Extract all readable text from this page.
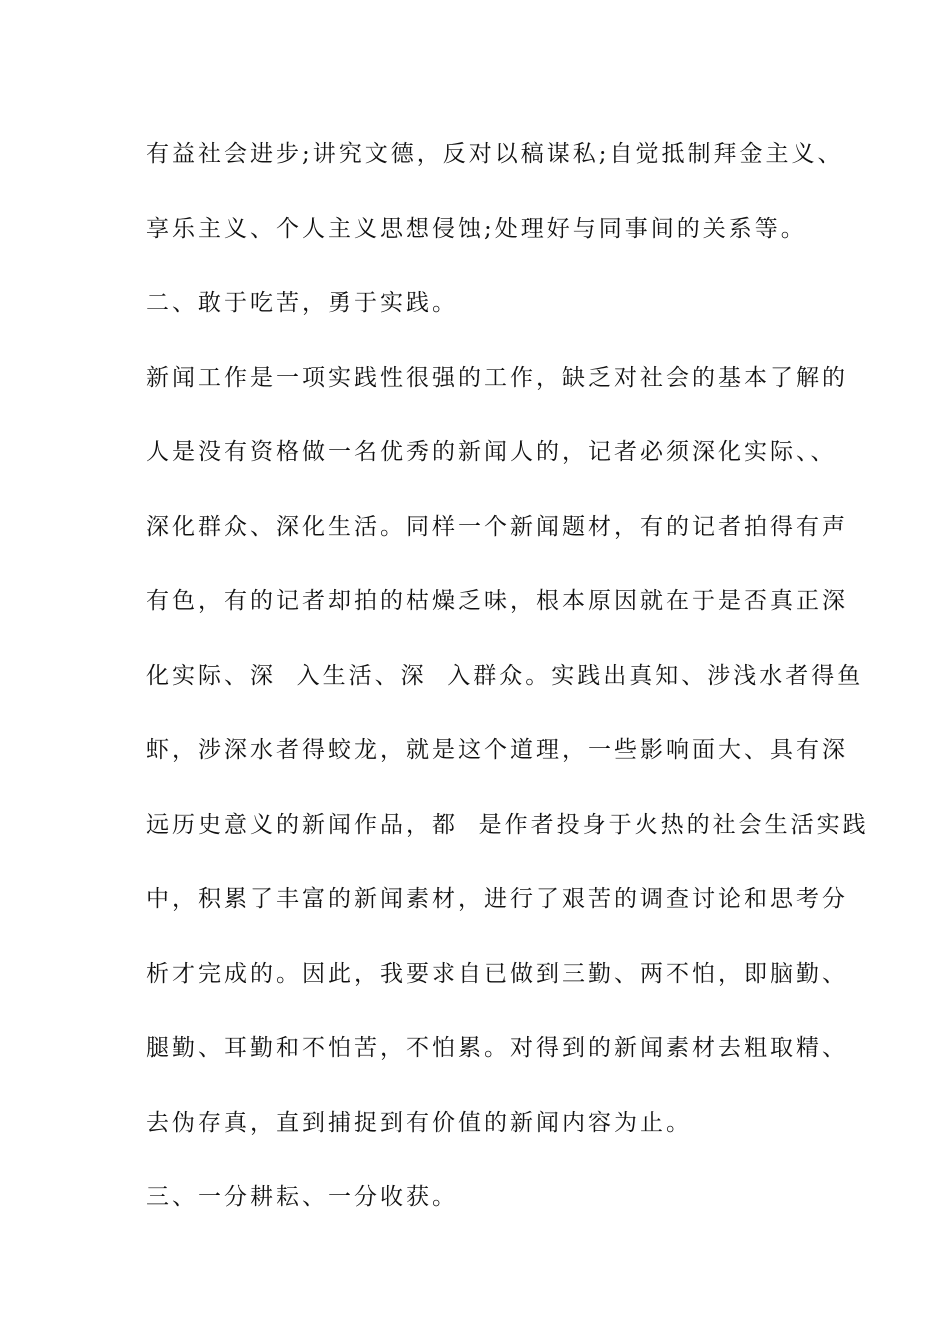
有益社会进步;讲究文德，反对以稿谋私;自觉抵制拜金主义、
享乐主义、个人主义思想侵蚀;处理好与同事间的关系等。
二、敢于吃苦，勇于实践。
新闻工作是一项实践性很强的工作，缺乏对社会的基本了解的
人是没有资格做一名优秀的新闻人的，记者必须深化实际、、
深化群众、深化生活。同样一个新闻题材，有的记者拍得有声
有色，有的记者却拍的枯燥乏味，根本原因就在于是否真正深
化实际、深  入生活、深  入群众。实践出真知、涉浅水者得鱼
虾，涉深水者得蛟龙，就是这个道理，一些影响面大、具有深
远历史意义的新闻作品，都  是作者投身于火热的社会生活实践
中，积累了丰富的新闻素材，进行了艰苦的调查讨论和思考分
析才完成的。因此，我要求自已做到三勤、两不怕，即脑勤、
腿勤、耳勤和不怕苦，不怕累。对得到的新闻素材去粗取精、
去伪存真，直到捕捉到有价值的新闻内容为止。
三、一分耕耘、一分收获。
